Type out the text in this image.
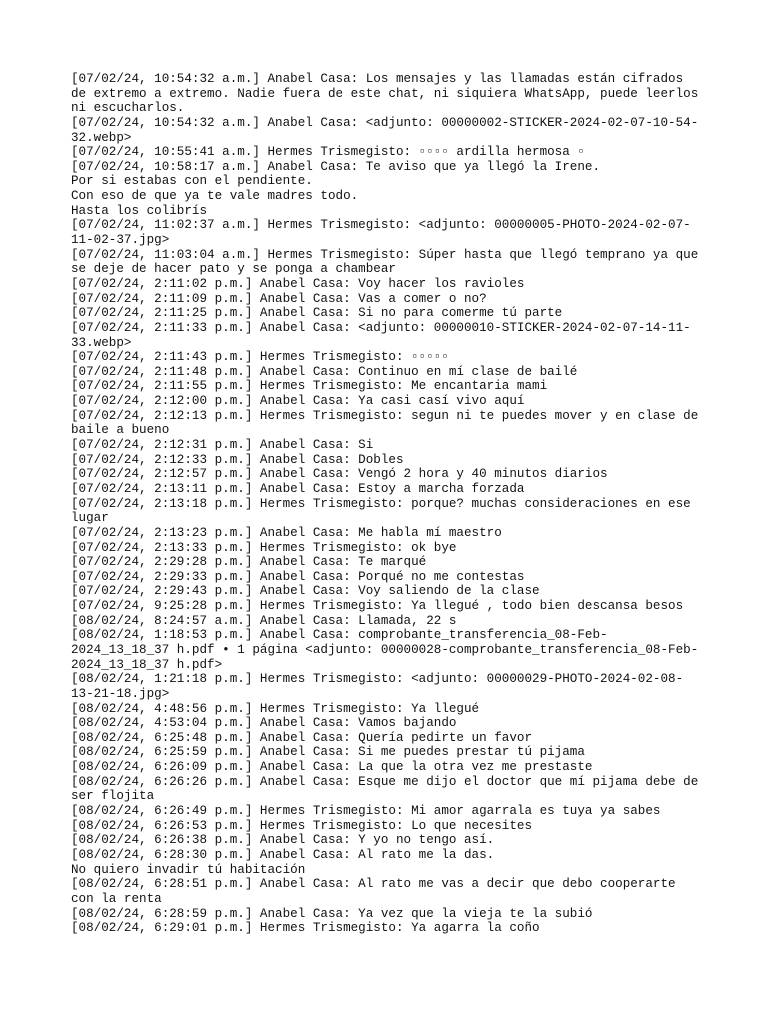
[07/02/24, 10:54:32 a.m.] Anabel Casa: Los mensajes y las llamadas están cifrados
de extremo a extremo. Nadie fuera de este chat, ni siquiera WhatsApp, puede leerlos
ni escucharlos.
[07/02/24, 10:54:32 a.m.] Anabel Casa: <adjunto: 00000002-STICKER-2024-02-07-10-54-
32.webp>
[07/02/24, 10:55:41 a.m.] Hermes Trismegisto: ▫▫▫▫ ardilla hermosa ▫
[07/02/24, 10:58:17 a.m.] Anabel Casa: Te aviso que ya llegó la Irene.
Por si estabas con el pendiente.
Con eso de que ya te vale madres todo.
Hasta los colibrís
[07/02/24, 11:02:37 a.m.] Hermes Trismegisto: <adjunto: 00000005-PHOTO-2024-02-07-
11-02-37.jpg>
[07/02/24, 11:03:04 a.m.] Hermes Trismegisto: Súper hasta que llegó temprano ya que
se deje de hacer pato y se ponga a chambear
[07/02/24, 2:11:02 p.m.] Anabel Casa: Voy hacer los ravioles
[07/02/24, 2:11:09 p.m.] Anabel Casa: Vas a comer o no?
[07/02/24, 2:11:25 p.m.] Anabel Casa: Si no para comerme tú parte
[07/02/24, 2:11:33 p.m.] Anabel Casa: <adjunto: 00000010-STICKER-2024-02-07-14-11-
33.webp>
[07/02/24, 2:11:43 p.m.] Hermes Trismegisto: ▫▫▫▫▫
[07/02/24, 2:11:48 p.m.] Anabel Casa: Continuo en mí clase de bailé
[07/02/24, 2:11:55 p.m.] Hermes Trismegisto: Me encantaria mami
[07/02/24, 2:12:00 p.m.] Anabel Casa: Ya casi casí vivo aquí
[07/02/24, 2:12:13 p.m.] Hermes Trismegisto: segun ni te puedes mover y en clase de
baile a bueno
[07/02/24, 2:12:31 p.m.] Anabel Casa: Si
[07/02/24, 2:12:33 p.m.] Anabel Casa: Dobles
[07/02/24, 2:12:57 p.m.] Anabel Casa: Vengó 2 hora y 40 minutos diarios
[07/02/24, 2:13:11 p.m.] Anabel Casa: Estoy a marcha forzada
[07/02/24, 2:13:18 p.m.] Hermes Trismegisto: porque? muchas consideraciones en ese
lugar
[07/02/24, 2:13:23 p.m.] Anabel Casa: Me habla mí maestro
[07/02/24, 2:13:33 p.m.] Hermes Trismegisto: ok bye
[07/02/24, 2:29:28 p.m.] Anabel Casa: Te marqué
[07/02/24, 2:29:33 p.m.] Anabel Casa: Porqué no me contestas
[07/02/24, 2:29:43 p.m.] Anabel Casa: Voy saliendo de la clase
[07/02/24, 9:25:28 p.m.] Hermes Trismegisto: Ya llegué , todo bien descansa besos
[08/02/24, 8:24:57 a.m.] Anabel Casa: Llamada, 22 s
[08/02/24, 1:18:53 p.m.] Anabel Casa: comprobante_transferencia_08-Feb-
2024_13_18_37 h.pdf • 1 página <adjunto: 00000028-comprobante_transferencia_08-Feb-
2024_13_18_37 h.pdf>
[08/02/24, 1:21:18 p.m.] Hermes Trismegisto: <adjunto: 00000029-PHOTO-2024-02-08-
13-21-18.jpg>
[08/02/24, 4:48:56 p.m.] Hermes Trismegisto: Ya llegué
[08/02/24, 4:53:04 p.m.] Anabel Casa: Vamos bajando
[08/02/24, 6:25:48 p.m.] Anabel Casa: Quería pedirte un favor
[08/02/24, 6:25:59 p.m.] Anabel Casa: Si me puedes prestar tú pijama
[08/02/24, 6:26:09 p.m.] Anabel Casa: La que la otra vez me prestaste
[08/02/24, 6:26:26 p.m.] Anabel Casa: Esque me dijo el doctor que mí pijama debe de
ser flojita
[08/02/24, 6:26:49 p.m.] Hermes Trismegisto: Mi amor agarrala es tuya ya sabes
[08/02/24, 6:26:53 p.m.] Hermes Trismegisto: Lo que necesites
[08/02/24, 6:26:38 p.m.] Anabel Casa: Y yo no tengo así.
[08/02/24, 6:28:30 p.m.] Anabel Casa: Al rato me la das.
No quiero invadir tú habitación
[08/02/24, 6:28:51 p.m.] Anabel Casa: Al rato me vas a decir que debo cooperarte
con la renta
[08/02/24, 6:28:59 p.m.] Anabel Casa: Ya vez que la vieja te la subió
[08/02/24, 6:29:01 p.m.] Hermes Trismegisto: Ya agarra la coño
